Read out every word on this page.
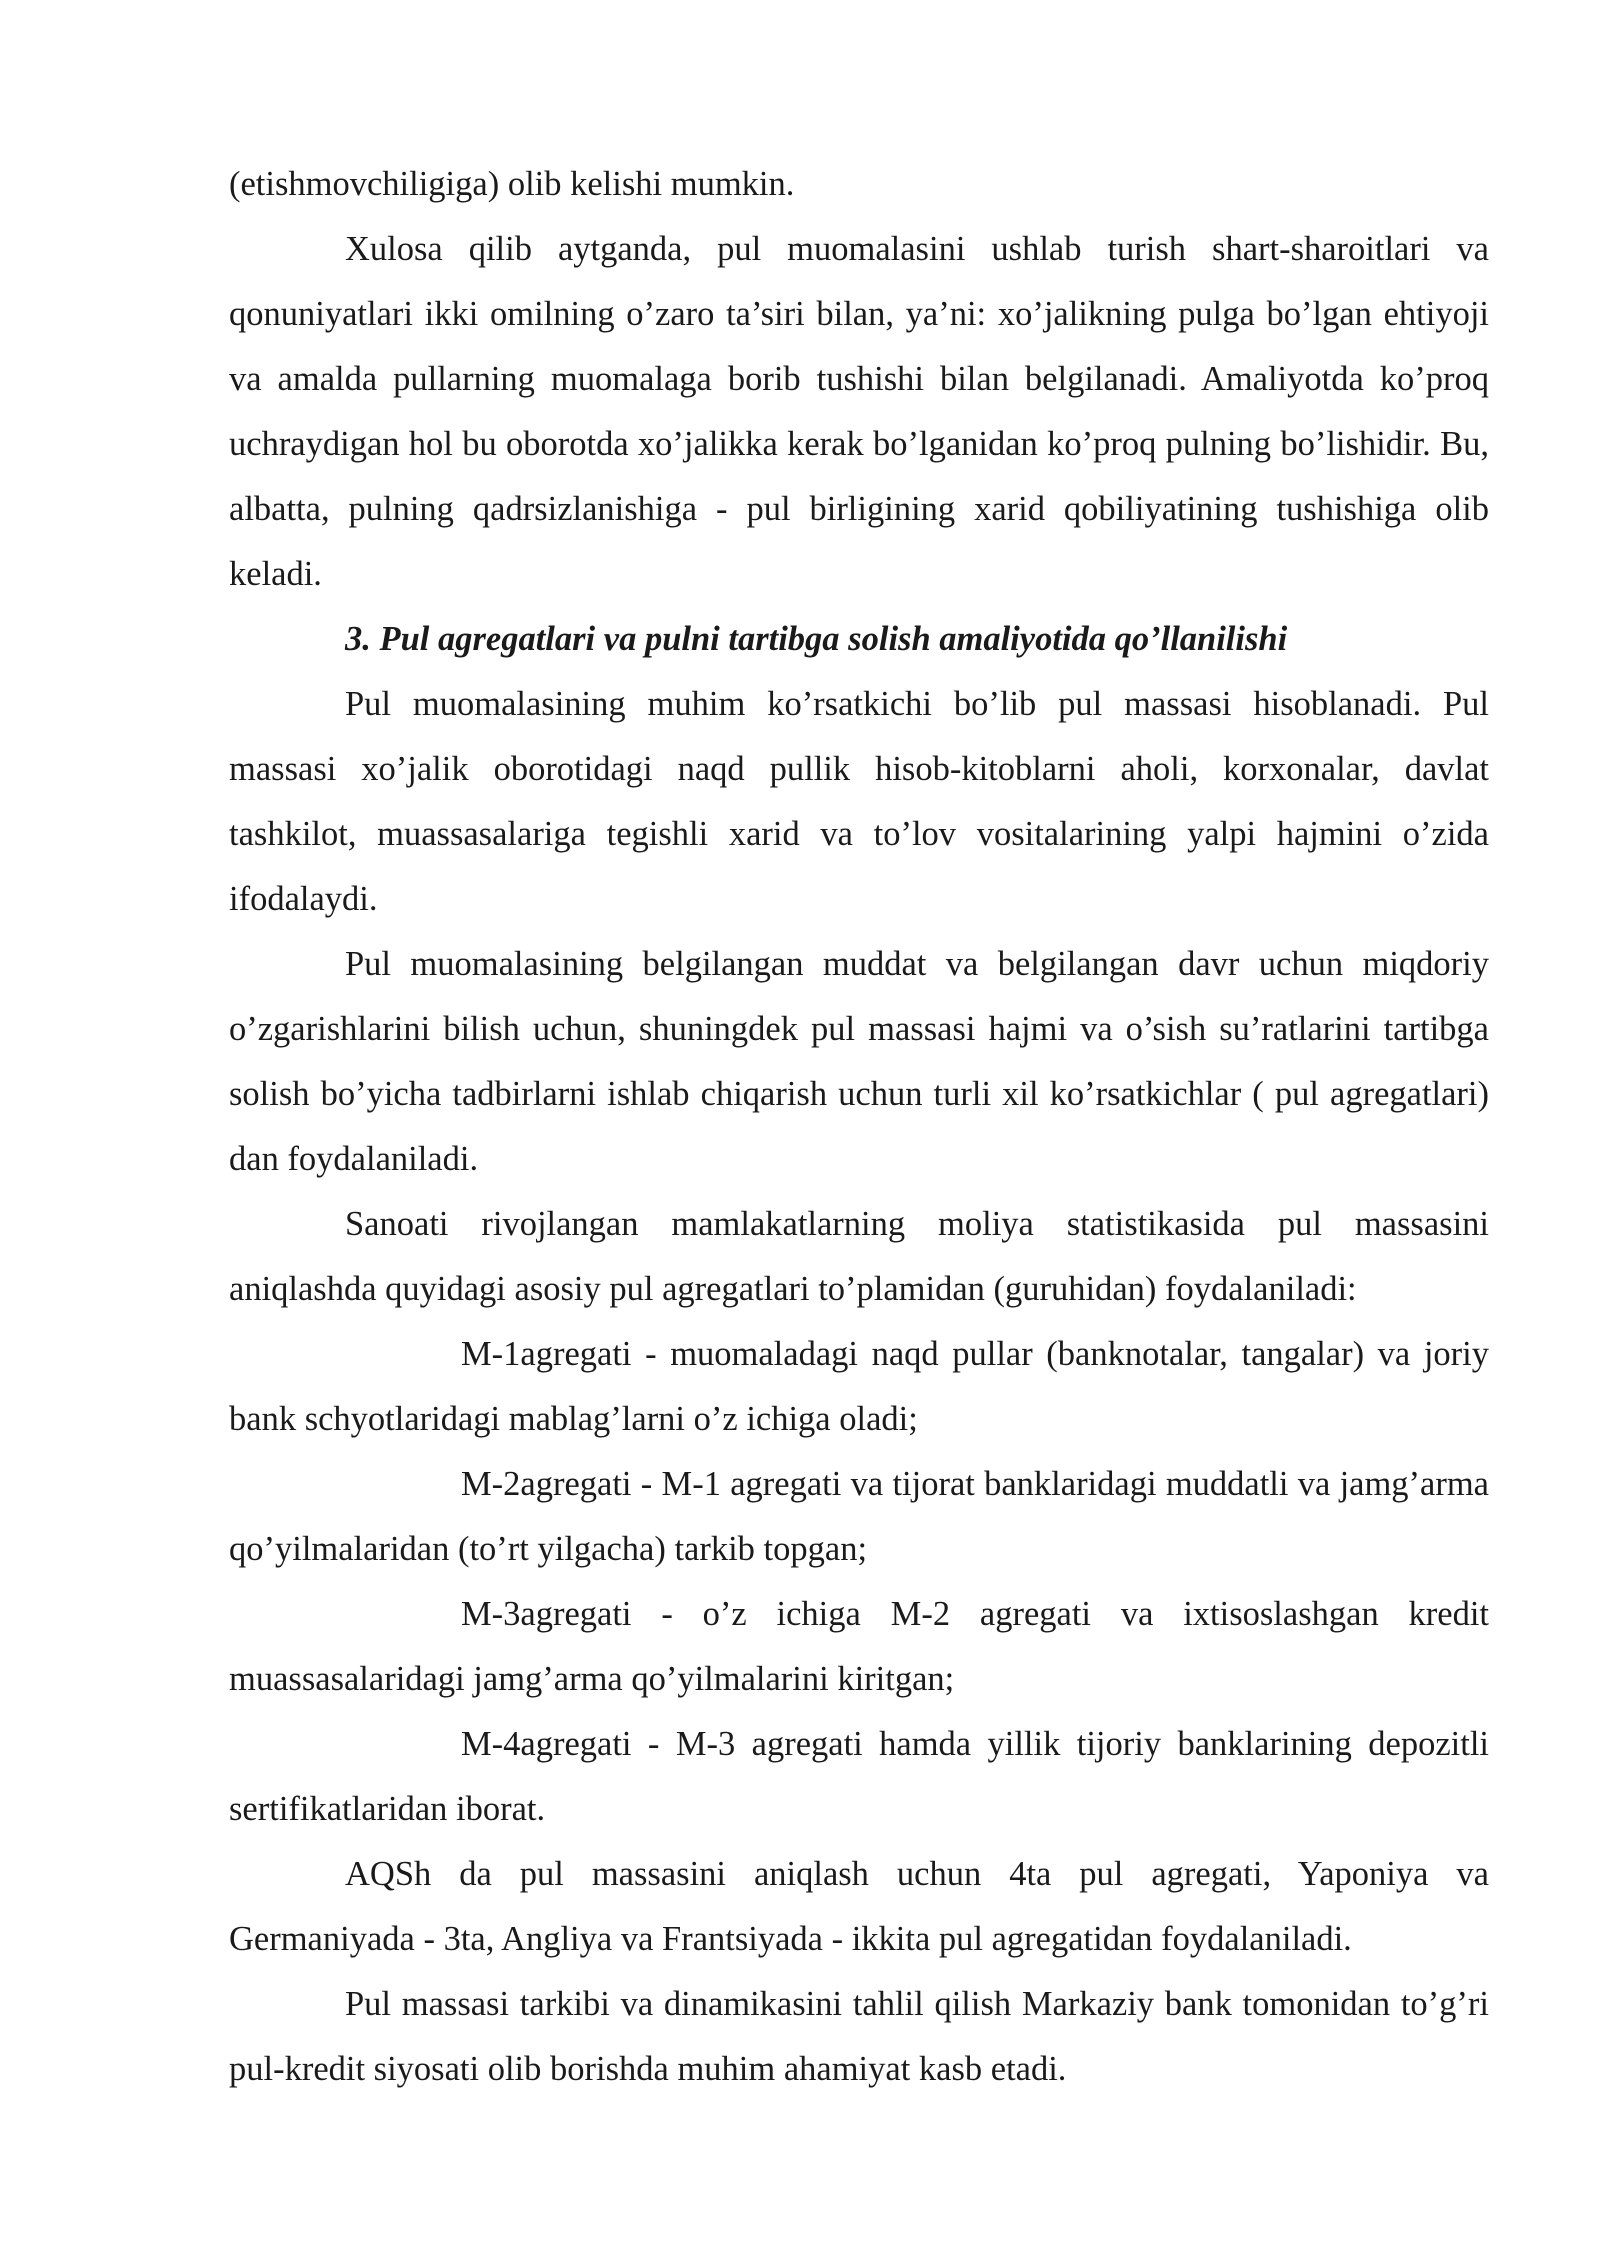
(etishmovchiligiga) olib kelishi mumkin.

Xulosa qilib aytganda, pul muomalasini ushlab turish shart-sharoitlari va qonuniyatlari ikki omilning o’zaro ta’siri bilan, ya’ni: xo’jalikning pulga bo’lgan ehtiyoji va amalda pullarning muomalaga borib tushishi bilan belgilanadi. Amaliyotda ko’proq uchraydigan hol bu oborotda xo’jalikka kerak bo’lganidan ko’proq pulning bo’lishidir. Bu, albatta, pulning qadrsizlanishiga - pul birligining xarid qobiliyatining tushishiga olib keladi.

3. Pul agregatlari va pulni tartibga solish amaliyotida qo’llanilishi

Pul muomalasining muhim ko’rsatkichi bo’lib pul massasi hisoblanadi. Pul massasi xo’jalik oborotidagi naqd pullik hisob-kitoblarni aholi, korxonalar, davlat tashkilot, muassasalariga tegishli xarid va to’lov vositalarining yalpi hajmini o’zida ifodalaydi.

Pul muomalasining belgilangan muddat va belgilangan davr uchun miqdoriy o’zgarishlarini bilish uchun, shuningdek pul massasi hajmi va o’sish su’ratlarini tartibga solish bo’yicha tadbirlarni ishlab chiqarish uchun turli xil ko’rsatkichlar ( pul agregatlari) dan foydalaniladi.

Sanoati rivojlangan mamlakatlarning moliya statistikasida pul massasini aniqlashda quyidagi asosiy pul agregatlari to’plamidan (guruhidan) foydalaniladi:

M-1agregati - muomaladagi naqd pullar (banknotalar, tangalar) va joriy bank schyotlaridagi mablag’larni o’z ichiga oladi;

M-2agregati - M-1 agregati va tijorat banklaridagi muddatli va jamg’arma qo’yilmalaridan (to’rt yilgacha) tarkib topgan;

M-3agregati - o’z ichiga M-2 agregati va ixtisoslashgan kredit muassasalaridagi jamg’arma qo’yilmalarini kiritgan;

M-4agregati - M-3 agregati hamda yillik tijoriy banklarining depozitli sertifikatlaridan iborat.

AQSh da pul massasini aniqlash uchun 4ta pul agregati, Yaponiya va Germaniyada - 3ta, Angliya va Frantsiyada - ikkita pul agregatidan foydalaniladi.

Pul massasi tarkibi va dinamikasini tahlil qilish Markaziy bank tomonidan to’g’ri pul-kredit siyosati olib borishda muhim ahamiyat kasb etadi.
